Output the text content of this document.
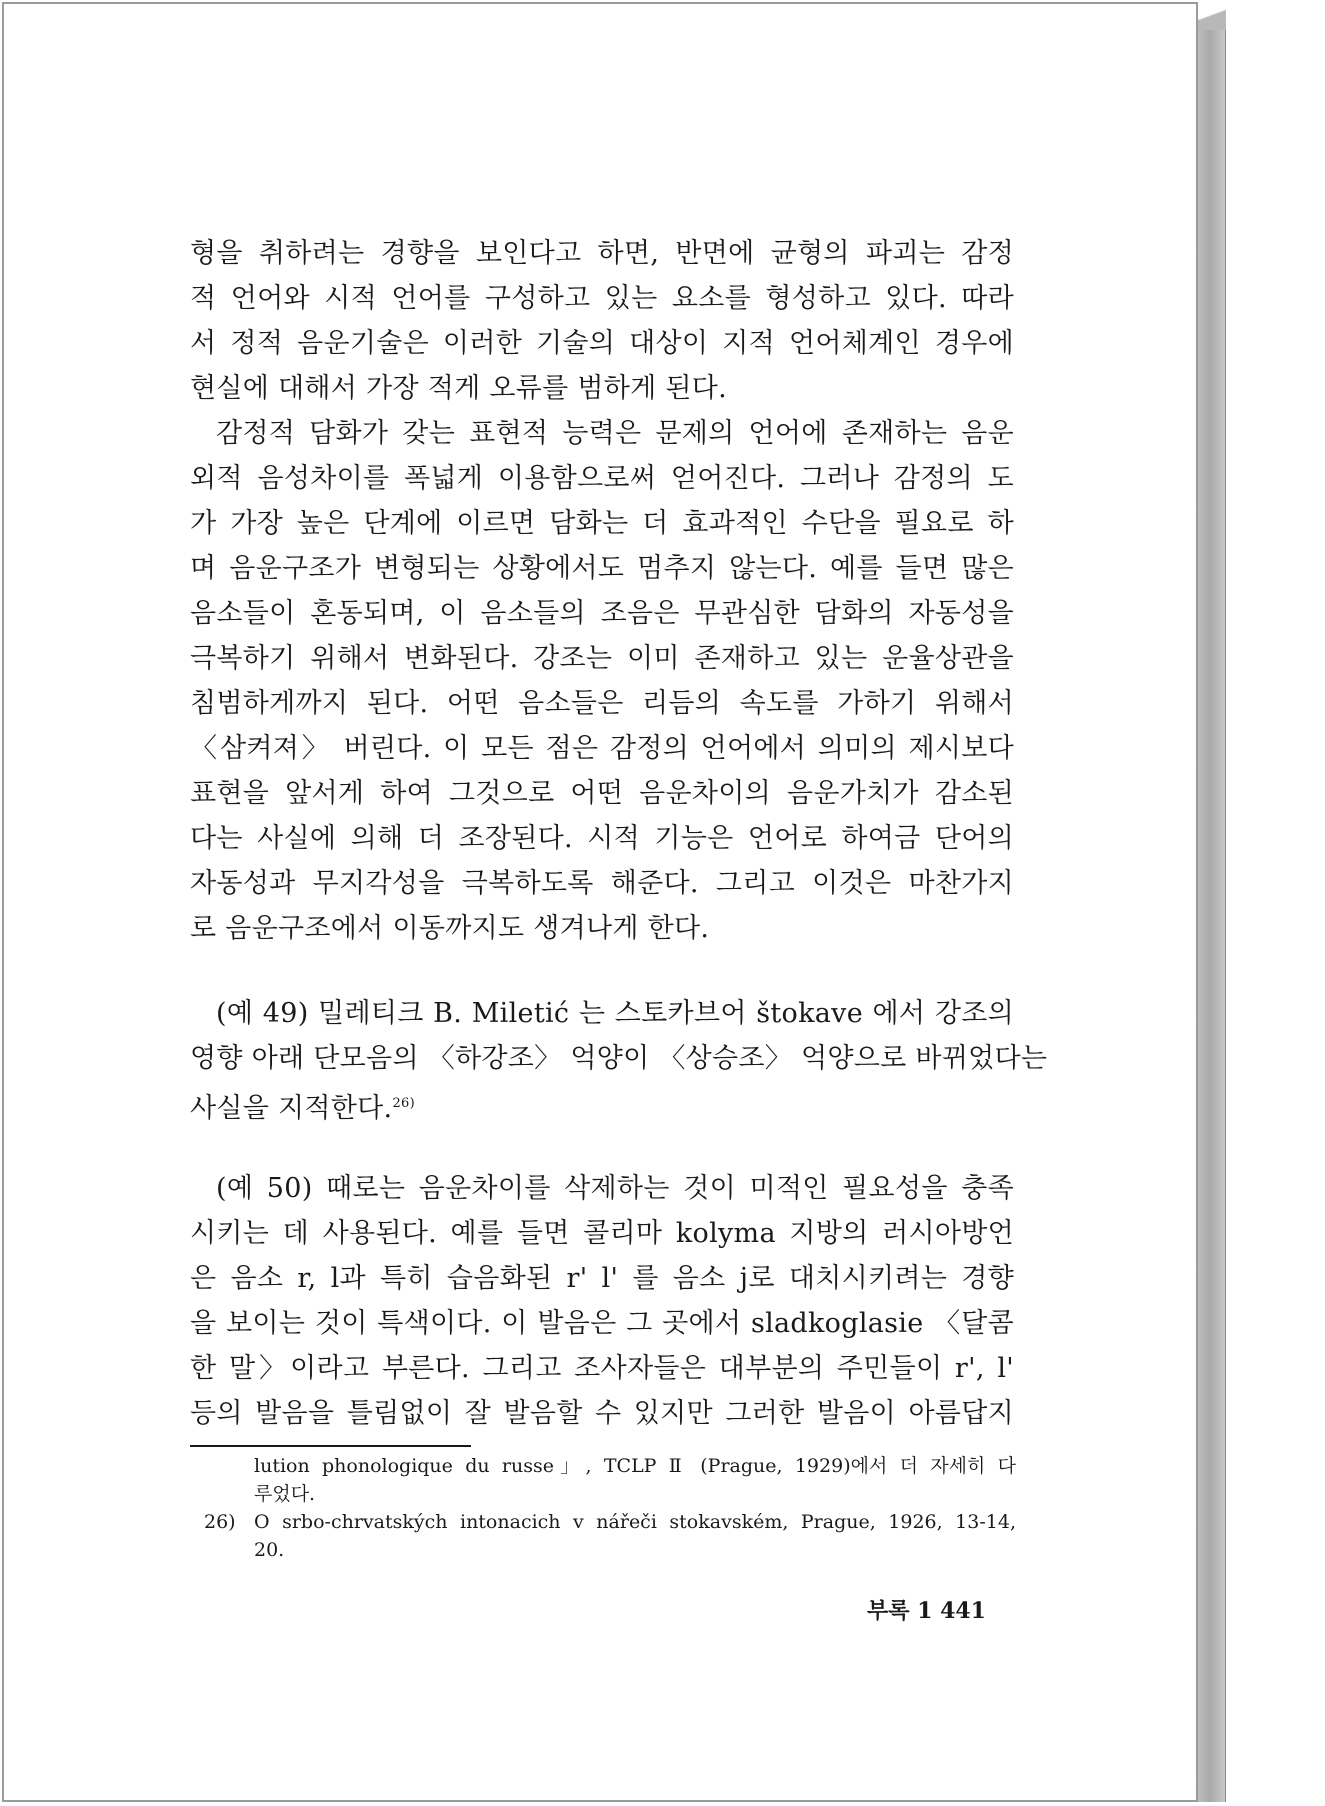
형을 취하려는 경향을 보인다고 하면, 반면에 균형의 파괴는 감정
적 언어와 시적 언어를 구성하고 있는 요소를 형성하고 있다. 따라
서 정적 음운기술은 이러한 기술의 대상이 지적 언어체계인 경우에
현실에 대해서 가장 적게 오류를 범하게 된다.
감정적 담화가 갖는 표현적 능력은 문제의 언어에 존재하는 음운
외적 음성차이를 폭넓게 이용함으로써 얻어진다. 그러나 감정의 도
가 가장 높은 단계에 이르면 담화는 더 효과적인 수단을 필요로 하
며 음운구조가 변형되는 상황에서도 멈추지 않는다. 예를 들면 많은
음소들이 혼동되며, 이 음소들의 조음은 무관심한 담화의 자동성을
극복하기 위해서 변화된다. 강조는 이미 존재하고 있는 운율상관을
침범하게까지 된다. 어떤 음소들은 리듬의 속도를 가하기 위해서
〈삼켜져〉 버린다. 이 모든 점은 감정의 언어에서 의미의 제시보다
표현을 앞서게 하여 그것으로 어떤 음운차이의 음운가치가 감소된
다는 사실에 의해 더 조장된다. 시적 기능은 언어로 하여금 단어의
자동성과 무지각성을 극복하도록 해준다. 그리고 이것은 마찬가지
로 음운구조에서 이동까지도 생겨나게 한다.
(예 49) 밀레티크 B. Miletić 는 스토카브어 štokave 에서 강조의
영향 아래 단모음의 〈하강조〉 억양이 〈상승조〉 억양으로 바뀌었다는
사실을 지적한다.$^{26)}$
(예 50) 때로는 음운차이를 삭제하는 것이 미적인 필요성을 충족
시키는 데 사용된다. 예를 들면 콜리마 kolyma 지방의 러시아방언
은 음소 r, l과 특히 습음화된 r' l' 를 음소 j로 대치시키려는 경향
을 보이는 것이 특색이다. 이 발음은 그 곳에서 sladkoglasie 〈달콤
한 말〉이라고 부른다. 그리고 조사자들은 대부분의 주민들이 r', l'
등의 발음을 틀림없이 잘 발음할 수 있지만 그러한 발음이 아름답지
lution phonologique du russe」, TCLP Ⅱ (Prague, 1929)에서 더 자세히 다
루었다.
26) O srbo-chrvatských intonacich v nářeči stokavském, Prague, 1926, 13-14,
20.
부록 1 441
